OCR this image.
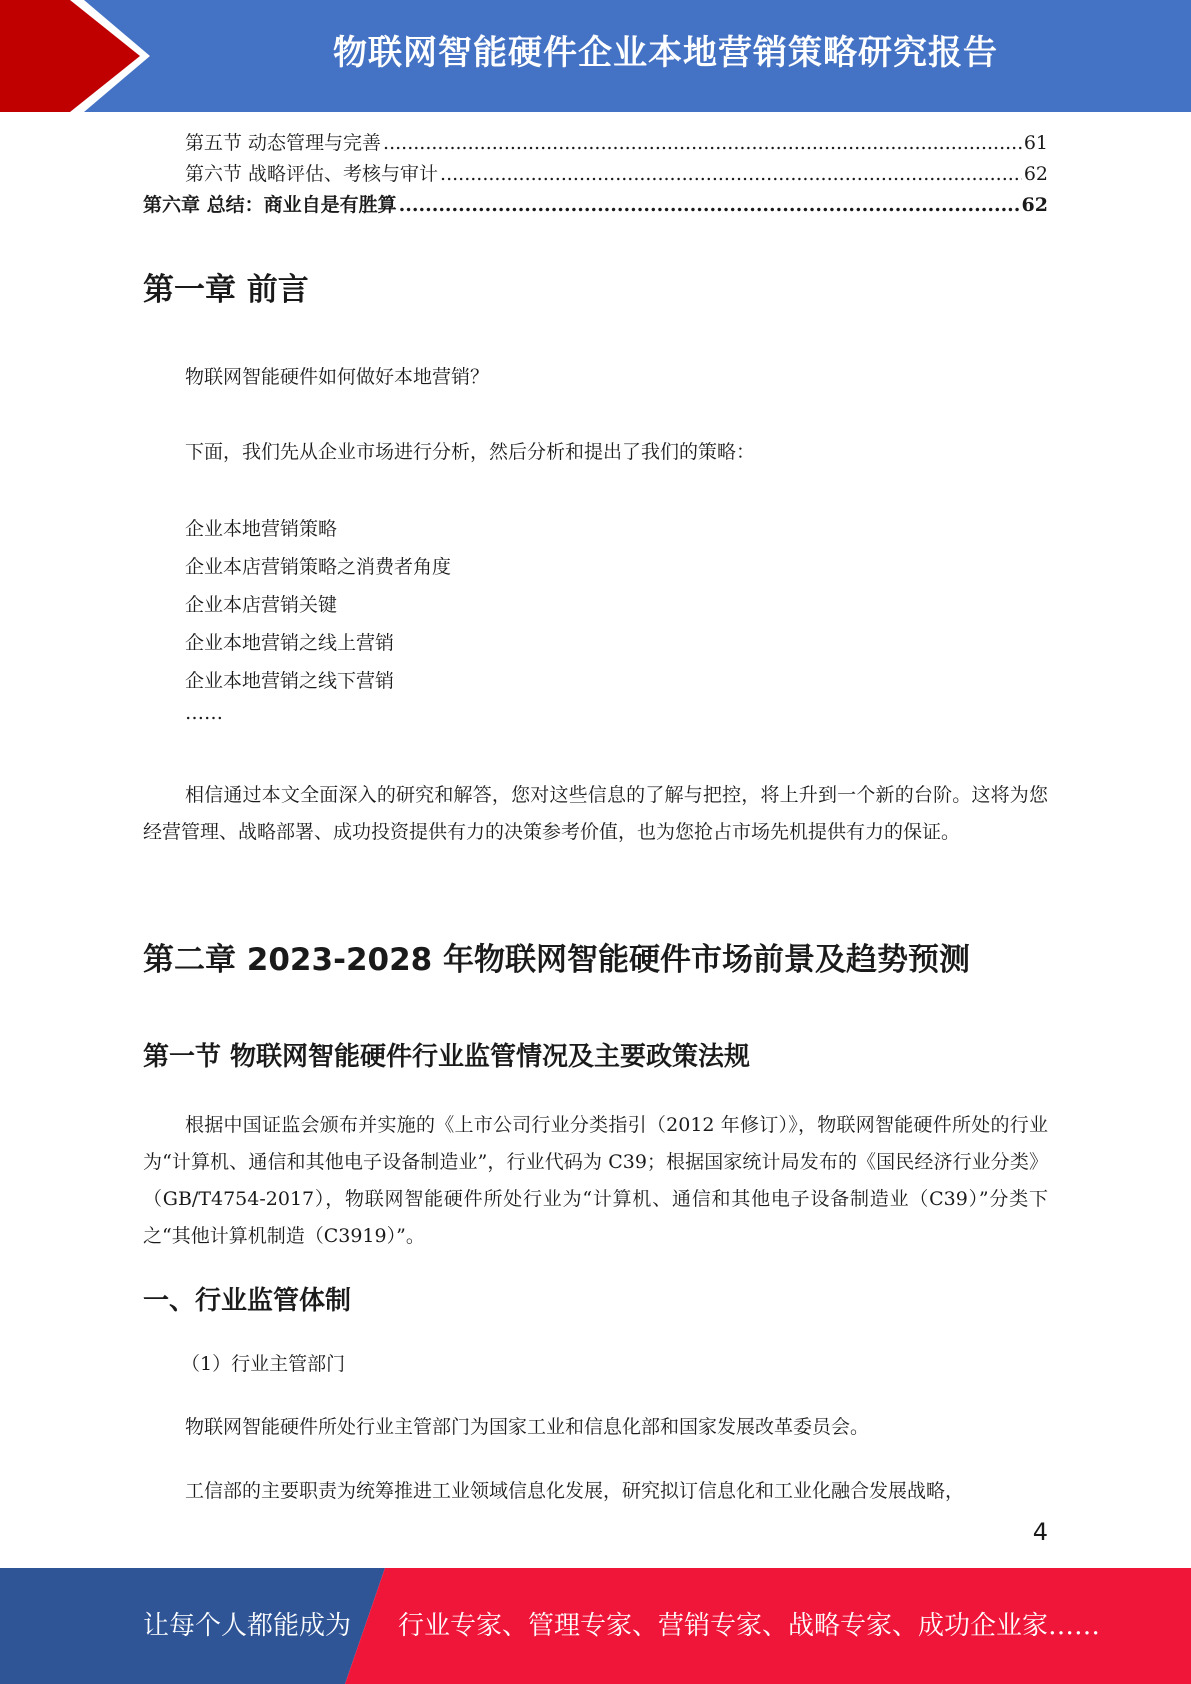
物联网智能硬件企业本地营销策略研究报告
第五节 动态管理与完善 .....	61
第六节 战略评估、考核与审计 .....	62
第六章 总结：商业自是有胜算 .....	62
第一章 前言

物联网智能硬件如何做好本地营销？

下面，我们先从企业市场进行分析，然后分析和提出了我们的策略：

企业本地营销策略
企业本店营销策略之消费者角度
企业本店营销关键
企业本地营销之线上营销
企业本地营销之线下营销
……

相信通过本文全面深入的研究和解答，您对这些信息的了解与把控，将上升到一个新的台阶。这将为您经营管理、战略部署、成功投资提供有力的决策参考价值，也为您抢占市场先机提供有力的保证。

第二章 2023-2028 年物联网智能硬件市场前景及趋势预测
第一节 物联网智能硬件行业监管情况及主要政策法规

根据中国证监会颁布并实施的《上市公司行业分类指引（2012 年修订）》，物联网智能硬件所处的行业为“计算机、通信和其他电子设备制造业”，行业代码为 C39；根据国家统计局发布的《国民经济行业分类》（GB/T4754-2017），物联网智能硬件所处行业为“计算机、通信和其他电子设备制造业（C39）”分类下之“其他计算机制造（C3919）”。

一、行业监管体制

（1）行业主管部门

物联网智能硬件所处行业主管部门为国家工业和信息化部和国家发展改革委员会。

工信部的主要职责为统筹推进工业领域信息化发展，研究拟订信息化和工业化融合发展战略，

4
让每个人都能成为 行业专家、管理专家、营销专家、战略专家、成功企业家……
